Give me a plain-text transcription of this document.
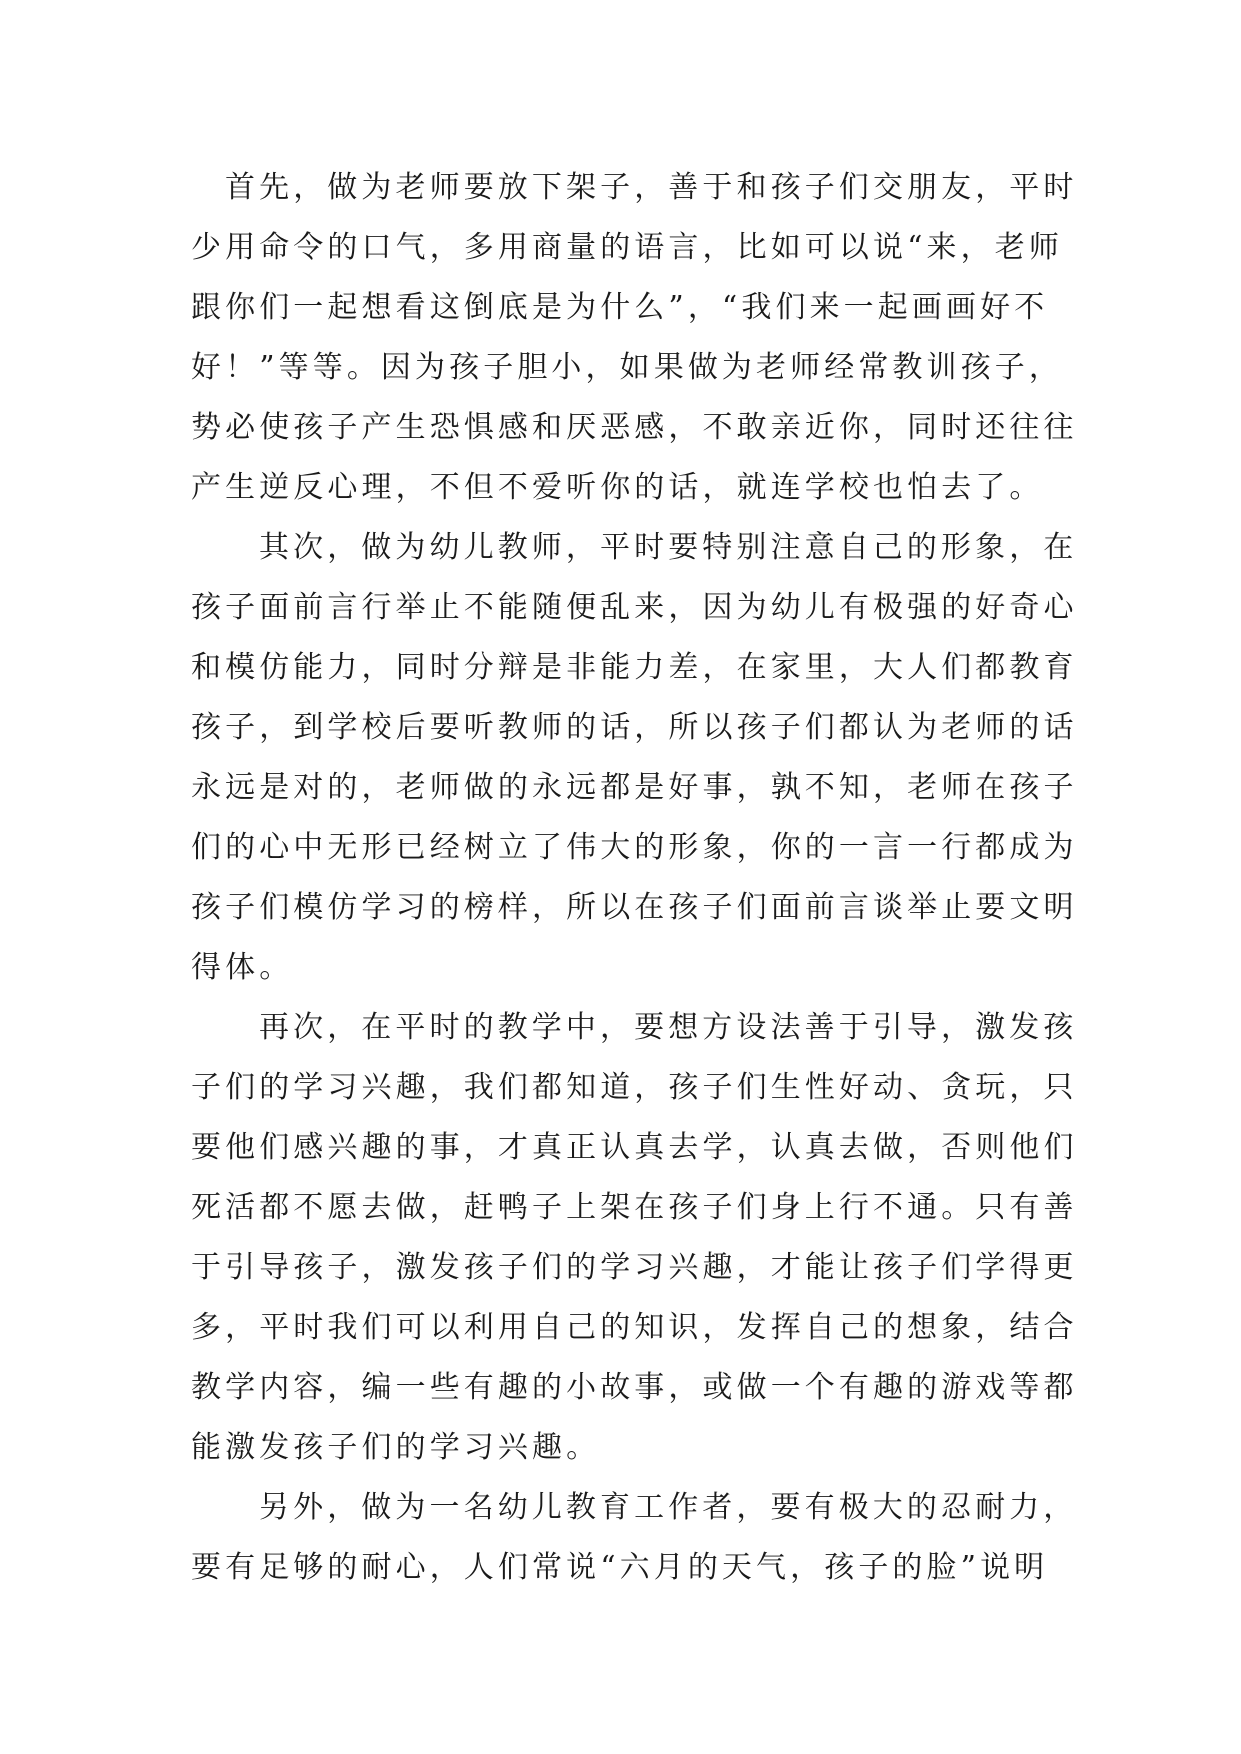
首先，做为老师要放下架子，善于和孩子们交朋友，平时
少用命令的口气，多用商量的语言，比如可以说“来，老师
跟你们一起想看这倒底是为什么”，“我们来一起画画好不
好！”等等。因为孩子胆小，如果做为老师经常教训孩子，
势必使孩子产生恐惧感和厌恶感，不敢亲近你，同时还往往
产生逆反心理，不但不爱听你的话，就连学校也怕去了。
其次，做为幼儿教师，平时要特别注意自己的形象，在
孩子面前言行举止不能随便乱来，因为幼儿有极强的好奇心
和模仿能力，同时分辩是非能力差，在家里，大人们都教育
孩子，到学校后要听教师的话，所以孩子们都认为老师的话
永远是对的，老师做的永远都是好事，孰不知，老师在孩子
们的心中无形已经树立了伟大的形象，你的一言一行都成为
孩子们模仿学习的榜样，所以在孩子们面前言谈举止要文明
得体。
再次，在平时的教学中，要想方设法善于引导，激发孩
子们的学习兴趣，我们都知道，孩子们生性好动、贪玩，只
要他们感兴趣的事，才真正认真去学，认真去做，否则他们
死活都不愿去做，赶鸭子上架在孩子们身上行不通。只有善
于引导孩子，激发孩子们的学习兴趣，才能让孩子们学得更
多，平时我们可以利用自己的知识，发挥自己的想象，结合
教学内容，编一些有趣的小故事，或做一个有趣的游戏等都
能激发孩子们的学习兴趣。
另外，做为一名幼儿教育工作者，要有极大的忍耐力，
要有足够的耐心，人们常说“六月的天气，孩子的脸”说明
